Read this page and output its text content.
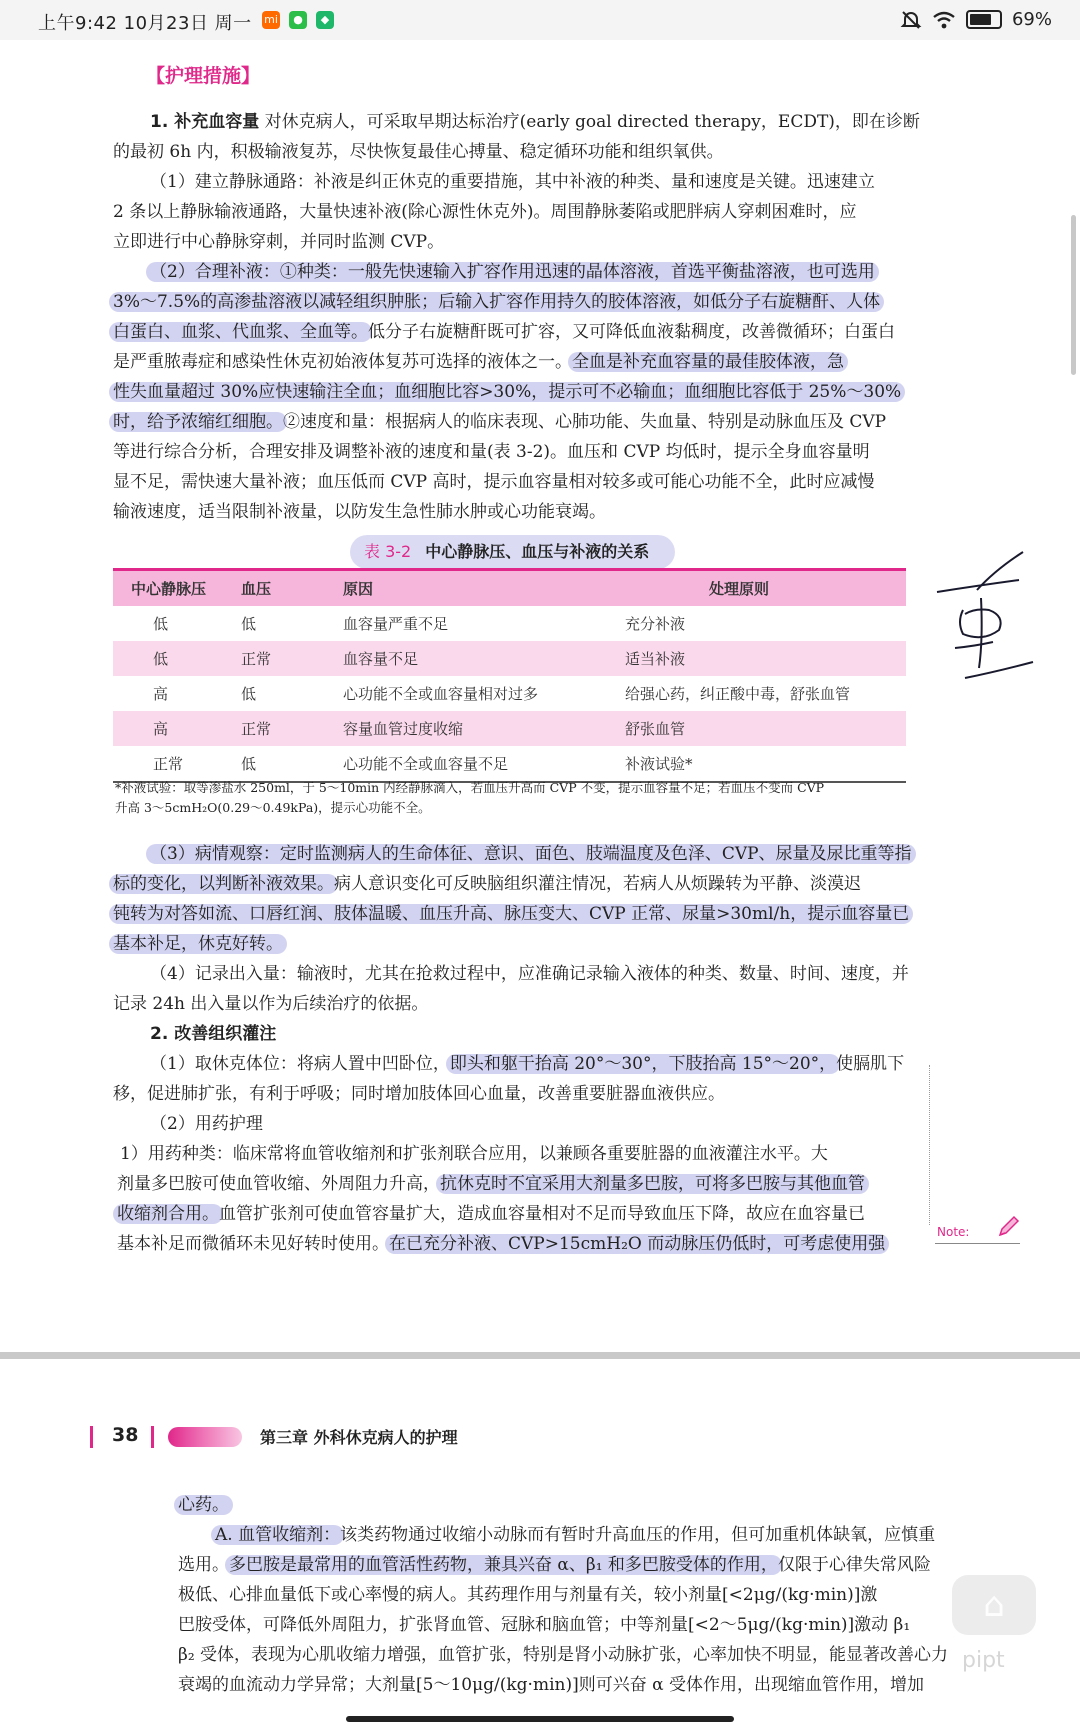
上午9:42 10月23日 周一 mi	●	◆	69%
【护理措施】
1. 补充血容量 对休克病人，可采取早期达标治疗(early goal directed therapy，ECDT)，即在诊断
的最初 6h 内，积极输液复苏，尽快恢复最佳心搏量、稳定循环功能和组织氧供。
（1）建立静脉通路：补液是纠正休克的重要措施，其中补液的种类、量和速度是关键。迅速建立
2 条以上静脉输液通路，大量快速补液(除心源性休克外)。周围静脉萎陷或肥胖病人穿刺困难时，应
立即进行中心静脉穿刺，并同时监测 CVP。
（2）合理补液：①种类：一般先快速输入扩容作用迅速的晶体溶液，首选平衡盐溶液，也可选用
3%～7.5%的高渗盐溶液以减轻组织肿胀；后输入扩容作用持久的胶体溶液，如低分子右旋糖酐、人体
白蛋白、血浆、代血浆、全血等。低分子右旋糖酐既可扩容，又可降低血液黏稠度，改善微循环；白蛋白
是严重脓毒症和感染性休克初始液体复苏可选择的液体之一。全血是补充血容量的最佳胶体液，急
性失血量超过 30%应快速输注全血；血细胞比容>30%，提示可不必输血；血细胞比容低于 25%～30%
时，给予浓缩红细胞。②速度和量：根据病人的临床表现、心肺功能、失血量、特别是动脉血压及 CVP
等进行综合分析，合理安排及调整补液的速度和量(表 3-2)。血压和 CVP 均低时，提示全身血容量明
显不足，需快速大量补液；血压低而 CVP 高时，提示血容量相对较多或可能心功能不全，此时应减慢
输液速度，适当限制补液量，以防发生急性肺水肿或心功能衰竭。
表 3-2 中心静脉压、血压与补液的关系
中心静脉压	血压	原因	处理原则
低	低	血容量严重不足	充分补液
低	正常	血容量不足	适当补液
高	低	心功能不全或血容量相对过多	给强心药，纠正酸中毒，舒张血管
高	正常	容量血管过度收缩	舒张血管
正常	低	心功能不全或血容量不足	补液试验*
*补液试验：取等渗盐水 250ml，于 5～10min 内经静脉滴入，若血压升高而 CVP 不变，提示血容量不足；若血压不变而 CVP
升高 3～5cmH₂O(0.29～0.49kPa)，提示心功能不全。
（3）病情观察：定时监测病人的生命体征、意识、面色、肢端温度及色泽、CVP、尿量及尿比重等指
标的变化，以判断补液效果。病人意识变化可反映脑组织灌注情况，若病人从烦躁转为平静、淡漠迟
钝转为对答如流、口唇红润、肢体温暖、血压升高、脉压变大、CVP 正常、尿量>30ml/h，提示血容量已
基本补足，休克好转。
（4）记录出入量：输液时，尤其在抢救过程中，应准确记录输入液体的种类、数量、时间、速度，并
记录 24h 出入量以作为后续治疗的依据。
2. 改善组织灌注
（1）取休克体位：将病人置中凹卧位，即头和躯干抬高 20°～30°，下肢抬高 15°～20°，使膈肌下
移，促进肺扩张，有利于呼吸；同时增加肢体回心血量，改善重要脏器血液供应。
（2）用药护理
1）用药种类：临床常将血管收缩剂和扩张剂联合应用，以兼顾各重要脏器的血液灌注水平。大
剂量多巴胺可使血管收缩、外周阻力升高，抗休克时不宜采用大剂量多巴胺，可将多巴胺与其他血管
收缩剂合用。血管扩张剂可使血管容量扩大，造成血容量相对不足而导致血压下降，故应在血容量已
基本补足而微循环未见好转时使用。在已充分补液、CVP>15cmH₂O 而动脉压仍低时，可考虑使用强
Note:
38	第三章 外科休克病人的护理
心药。
A. 血管收缩剂：该类药物通过收缩小动脉而有暂时升高血压的作用，但可加重机体缺氧，应慎重
选用。多巴胺是最常用的血管活性药物，兼具兴奋 α、β₁ 和多巴胺受体的作用，仅限于心律失常风险
极低、心排血量低下或心率慢的病人。其药理作用与剂量有关，较小剂量[<2μg/(kg·min)]激
巴胺受体，可降低外周阻力，扩张肾血管、冠脉和脑血管；中等剂量[<2～5μg/(kg·min)]激动 β₁
β₂ 受体，表现为心肌收缩力增强，血管扩张，特别是肾小动脉扩张，心率加快不明显，能显著改善心力
衰竭的血流动力学异常；大剂量[5～10μg/(kg·min)]则可兴奋 α 受体作用，出现缩血管作用，增加
⌂
pipt
